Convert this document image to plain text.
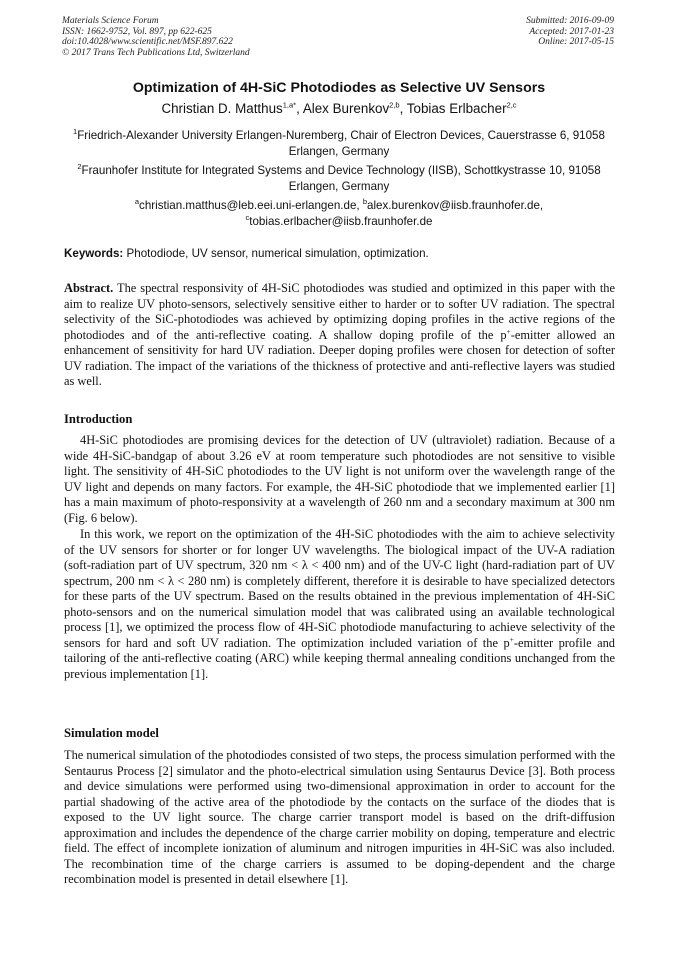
Materials Science Forum
ISSN: 1662-9752, Vol. 897, pp 622-625
doi:10.4028/www.scientific.net/MSF.897.622
© 2017 Trans Tech Publications Ltd, Switzerland
Submitted: 2016-09-09
Accepted: 2017-01-23
Online: 2017-05-15
Optimization of 4H-SiC Photodiodes as Selective UV Sensors

Christian D. Matthus$^{1,a*}$, Alex Burenkov$^{2,b}$, Tobias Erlbacher$^{2,c}$

$^1$Friedrich-Alexander University Erlangen-Nuremberg, Chair of Electron Devices, Cauerstrasse 6, 91058 Erlangen, Germany

$^2$Fraunhofer Institute for Integrated Systems and Device Technology (IISB), Schottkystrasse 10, 91058 Erlangen, Germany

$^a$christian.matthus@leb.eei.uni-erlangen.de, $^b$alex.burenkov@iisb.fraunhofer.de,
$^c$tobias.erlbacher@iisb.fraunhofer.de

Keywords: Photodiode, UV sensor, numerical simulation, optimization.

Abstract. The spectral responsivity of 4H-SiC photodiodes was studied and optimized in this paper with the aim to realize UV photo-sensors, selectively sensitive either to harder or to softer UV radiation. The spectral selectivity of the SiC-photodiodes was achieved by optimizing doping profiles in the active regions of the photodiodes and of the anti-reflective coating. A shallow doping profile of the p+-emitter allowed an enhancement of sensitivity for hard UV radiation. Deeper doping profiles were chosen for detection of softer UV radiation. The impact of the variations of the thickness of protective and anti-reflective layers was studied as well.

Introduction

4H-SiC photodiodes are promising devices for the detection of UV (ultraviolet) radiation. Because of a wide 4H-SiC-bandgap of about 3.26 eV at room temperature such photodiodes are not sensitive to visible light. The sensitivity of 4H-SiC photodiodes to the UV light is not uniform over the wavelength range of the UV light and depends on many factors. For example, the 4H-SiC photodiode that we implemented earlier [1] has a main maximum of photo-responsivity at a wavelength of 260 nm and a secondary maximum at 300 nm (Fig. 6 below).

In this work, we report on the optimization of the 4H-SiC photodiodes with the aim to achieve selectivity of the UV sensors for shorter or for longer UV wavelengths. The biological impact of the UV-A radiation (soft-radiation part of UV spectrum, 320 nm < λ < 400 nm) and of the UV-C light (hard-radiation part of UV spectrum, 200 nm < λ < 280 nm) is completely different, therefore it is desirable to have specialized detectors for these parts of the UV spectrum. Based on the results obtained in the previous implementation of 4H-SiC photo-sensors and on the numerical simulation model that was calibrated using an available technological process [1], we optimized the process flow of 4H-SiC photodiode manufacturing to achieve selectivity of the sensors for hard and soft UV radiation. The optimization included variation of the p+-emitter profile and tailoring of the anti-reflective coating (ARC) while keeping thermal annealing conditions unchanged from the previous implementation [1].

Simulation model

The numerical simulation of the photodiodes consisted of two steps, the process simulation performed with the Sentaurus Process [2] simulator and the photo-electrical simulation using Sentaurus Device [3]. Both process and device simulations were performed using two-dimensional approximation in order to account for the partial shadowing of the active area of the photodiode by the contacts on the surface of the diodes that is exposed to the UV light source. The charge carrier transport model is based on the drift-diffusion approximation and includes the dependence of the charge carrier mobility on doping, temperature and electric field. The effect of incomplete ionization of aluminum and nitrogen impurities in 4H-SiC was also included. The recombination time of the charge carriers is assumed to be doping-dependent and the charge recombination model is presented in detail elsewhere [1].
